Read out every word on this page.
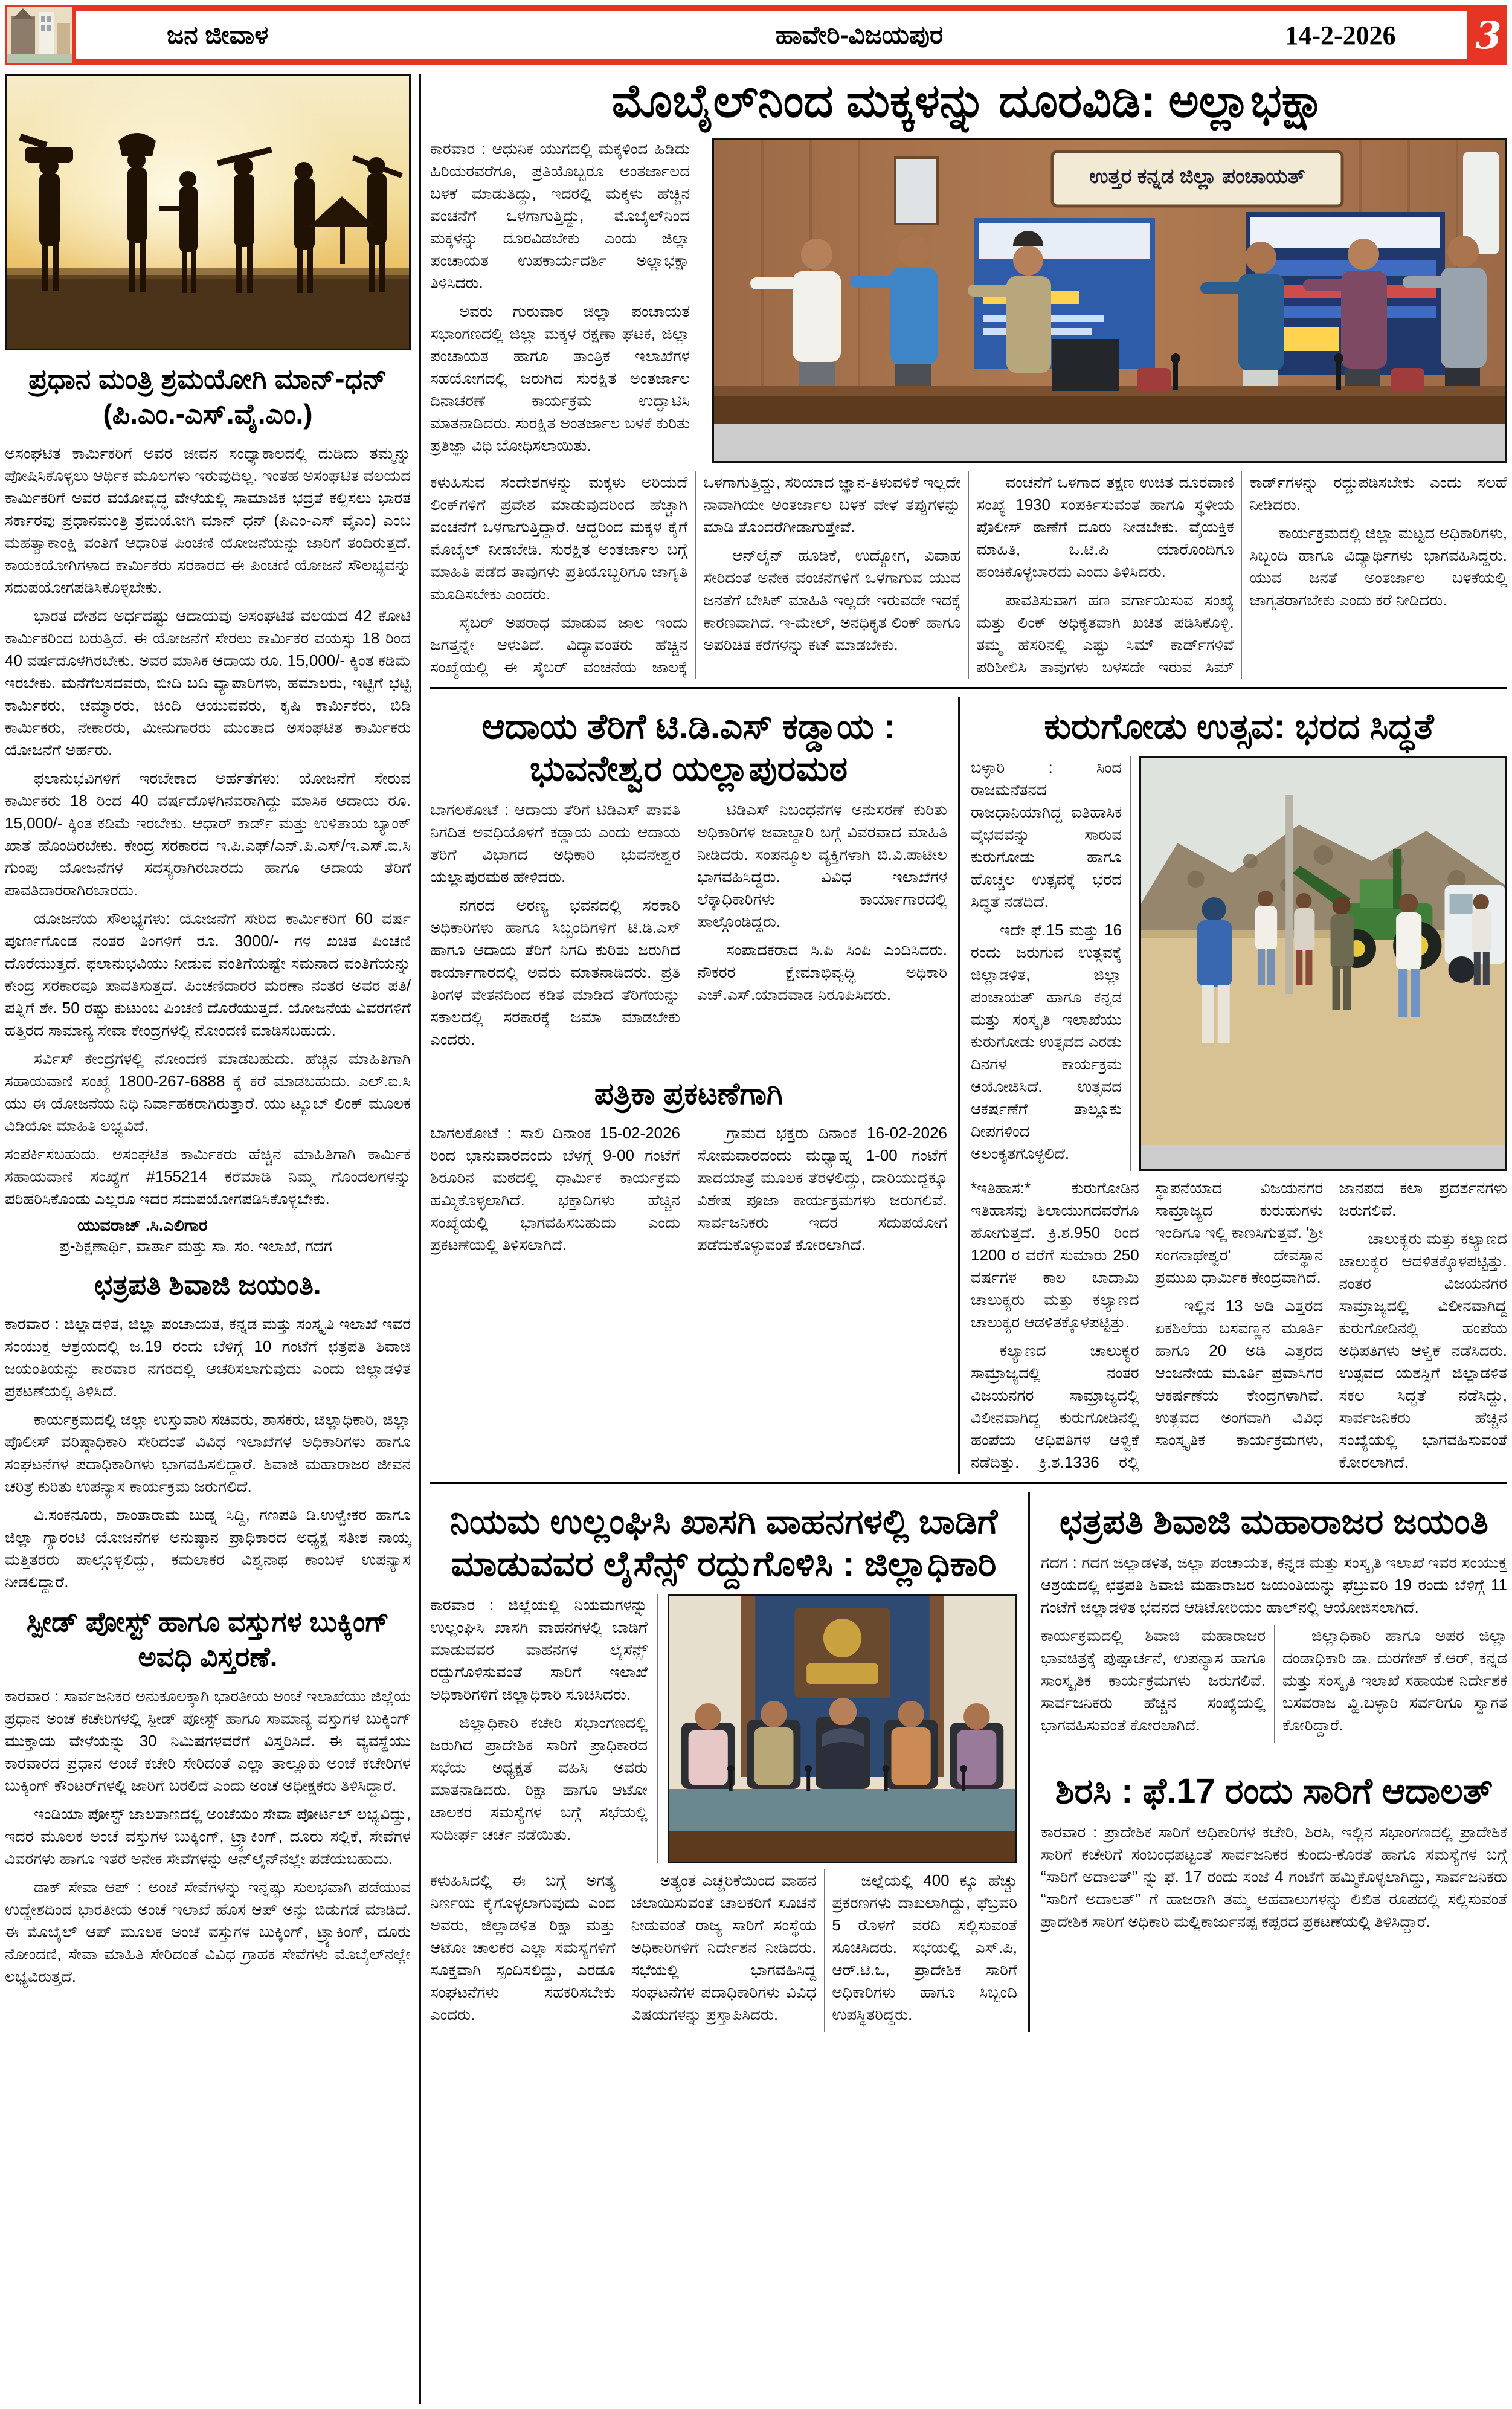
ಜನ ಜೀವಾಳ	ಹಾವೇರಿ-ವಿಜಯಪುರ	14-2-2026	3
ಪ್ರಧಾನ ಮಂತ್ರಿ ಶ್ರಮಯೋಗಿ ಮಾನ್-ಧನ್ (ಪಿ.ಎಂ.-ಎಸ್.ವೈ.ಎಂ.)

ಅಸಂಘಟಿತ ಕಾರ್ಮಿಕರಿಗೆ ಅವರ ಜೀವನ ಸಂಧ್ಯಾಕಾಲದಲ್ಲಿ ದುಡಿದು ತಮ್ಮನ್ನು ಪೋಷಿಸಿಕೊಳ್ಳಲು ಆರ್ಥಿಕ ಮೂಲಗಳು ಇರುವುದಿಲ್ಲ. ಇಂತಹ ಅಸಂಘಟಿತ ವಲಯದ ಕಾರ್ಮಿಕರಿಗೆ ಅವರ ವಯೋವೃದ್ಧ ವೇಳೆಯಲ್ಲಿ ಸಾಮಾಜಿಕ ಭದ್ರತೆ ಕಲ್ಪಿಸಲು ಭಾರತ ಸರ್ಕಾರವು ಪ್ರಧಾನಮಂತ್ರಿ ಶ್ರಮಯೋಗಿ ಮಾನ್ ಧನ್ (ಪಿಎಂ-ಎಸ್ ವೈಎಂ) ಎಂಬ ಮಹತ್ವಾಕಾಂಕ್ಷಿ ವಂತಿಗೆ ಆಧಾರಿತ ಪಿಂಚಣಿ ಯೋಜನೆಯನ್ನು ಜಾರಿಗೆ ತಂದಿರುತ್ತದೆ. ಕಾಯಕಯೋಗಿಗಳಾದ ಕಾರ್ಮಿಕರು ಸರಕಾರದ ಈ ಪಿಂಚಣಿ ಯೋಜನೆ ಸೌಲಭ್ಯವನ್ನು ಸದುಪಯೋಗಪಡಿಸಿಕೊಳ್ಳಬೇಕು.

ಭಾರತ ದೇಶದ ಅರ್ಧದಷ್ಟು ಆದಾಯವು ಅಸಂಘಟಿತ ವಲಯದ 42 ಕೋಟಿ ಕಾರ್ಮಿಕರಿಂದ ಬರುತ್ತಿದೆ. ಈ ಯೋಜನೆಗೆ ಸೇರಲು ಕಾರ್ಮಿಕರ ವಯಸ್ಸು 18 ರಿಂದ 40 ವರ್ಷದೊಳಗಿರಬೇಕು. ಅವರ ಮಾಸಿಕ ಆದಾಯ ರೂ. 15,000/- ಕ್ಕಿಂತ ಕಡಿಮೆ ಇರಬೇಕು. ಮನೆಗೆಲಸದವರು, ಬೀದಿ ಬದಿ ವ್ಯಾಪಾರಿಗಳು, ಹಮಾಲರು, ಇಟ್ಟಿಗೆ ಭಟ್ಟಿ ಕಾರ್ಮಿಕರು, ಚಮ್ಮಾರರು, ಚಿಂದಿ ಆಯುವವರು, ಕೃಷಿ ಕಾರ್ಮಿಕರು, ಬಿಡಿ ಕಾರ್ಮಿಕರು, ನೇಕಾರರು, ಮೀನುಗಾರರು ಮುಂತಾದ ಅಸಂಘಟಿತ ಕಾರ್ಮಿಕರು ಯೋಜನೆಗೆ ಅರ್ಹರು.

ಫಲಾನುಭವಿಗಳಿಗೆ ಇರಬೇಕಾದ ಅರ್ಹತೆಗಳು: ಯೋಜನೆಗೆ ಸೇರುವ ಕಾರ್ಮಿಕರು 18 ರಿಂದ 40 ವರ್ಷದೊಳಗಿನವರಾಗಿದ್ದು ಮಾಸಿಕ ಆದಾಯ ರೂ. 15,000/- ಕ್ಕಿಂತ ಕಡಿಮೆ ಇರಬೇಕು. ಆಧಾರ್ ಕಾರ್ಡ್ ಮತ್ತು ಉಳಿತಾಯ ಬ್ಯಾಂಕ್ ಖಾತೆ ಹೊಂದಿರಬೇಕು. ಕೇಂದ್ರ ಸರಕಾರದ ಇ.ಪಿ.ಎಫ್/ಎನ್.ಪಿ.ಎಸ್/ಇ.ಎಸ್.ಐ.ಸಿ ಗುಂಪು ಯೋಜನೆಗಳ ಸದಸ್ಯರಾಗಿರಬಾರದು ಹಾಗೂ ಆದಾಯ ತೆರಿಗೆ ಪಾವತಿದಾರರಾಗಿರಬಾರದು.

ಯೋಜನೆಯ ಸೌಲಭ್ಯಗಳು: ಯೋಜನೆಗೆ ಸೇರಿದ ಕಾರ್ಮಿಕರಿಗೆ 60 ವರ್ಷ ಪೂರ್ಣಗೊಂಡ ನಂತರ ತಿಂಗಳಿಗೆ ರೂ. 3000/- ಗಳ ಖಚಿತ ಪಿಂಚಣಿ ದೊರೆಯುತ್ತದೆ. ಫಲಾನುಭವಿಯು ನೀಡುವ ವಂತಿಗೆಯಷ್ಟೇ ಸಮನಾದ ವಂತಿಗೆಯನ್ನು ಕೇಂದ್ರ ಸರಕಾರವೂ ಪಾವತಿಸುತ್ತದೆ. ಪಿಂಚಣಿದಾರರ ಮರಣಾ ನಂತರ ಅವರ ಪತಿ/ಪತ್ನಿಗೆ ಶೇ. 50 ರಷ್ಟು ಕುಟುಂಬ ಪಿಂಚಣಿ ದೊರೆಯುತ್ತದೆ. ಯೋಜನೆಯ ವಿವರಗಳಿಗೆ ಹತ್ತಿರದ ಸಾಮಾನ್ಯ ಸೇವಾ ಕೇಂದ್ರಗಳಲ್ಲಿ ನೋಂದಣಿ ಮಾಡಿಸಬಹುದು.

ಸರ್ವಿಸ್ ಕೇಂದ್ರಗಳಲ್ಲಿ ನೋಂದಣಿ ಮಾಡಬಹುದು. ಹೆಚ್ಚಿನ ಮಾಹಿತಿಗಾಗಿ ಸಹಾಯವಾಣಿ ಸಂಖ್ಯೆ 1800-267-6888 ಕ್ಕೆ ಕರೆ ಮಾಡಬಹುದು. ಎಲ್.ಐ.ಸಿ ಯು ಈ ಯೋಜನೆಯ ನಿಧಿ ನಿರ್ವಾಹಕರಾಗಿರುತ್ತಾರೆ. ಯು ಟ್ಯೂಬ್ ಲಿಂಕ್ ಮೂಲಕ ವಿಡಿಯೋ ಮಾಹಿತಿ ಲಭ್ಯವಿದೆ.

ಸಂಪರ್ಕಿಸಬಹುದು. ಅಸಂಘಟಿತ ಕಾರ್ಮಿಕರು ಹೆಚ್ಚಿನ ಮಾಹಿತಿಗಾಗಿ ಕಾರ್ಮಿಕ ಸಹಾಯವಾಣಿ ಸಂಖ್ಯೆಗೆ #155214 ಕರೆಮಾಡಿ ನಿಮ್ಮ ಗೊಂದಲಗಳನ್ನು ಪರಿಹರಿಸಿಕೊಂಡು ಎಲ್ಲರೂ ಇದರ ಸದುಪಯೋಗಪಡಿಸಿಕೊಳ್ಳಬೇಕು.

ಯುವರಾಜ್ .ಸಿ.ಎಲಿಗಾರ
ಪ್ರ-ಶಿಕ್ಷಣಾರ್ಥಿ, ವಾರ್ತಾ ಮತ್ತು ಸಾ. ಸಂ. ಇಲಾಖೆ, ಗದಗ
ಛತ್ರಪತಿ ಶಿವಾಜಿ ಜಯಂತಿ.

ಕಾರವಾರ : ಜಿಲ್ಲಾಡಳಿತ, ಜಿಲ್ಲಾ ಪಂಚಾಯತ, ಕನ್ನಡ ಮತ್ತು ಸಂಸ್ಕೃತಿ ಇಲಾಖೆ ಇವರ ಸಂಯುಕ್ತ ಆಶ್ರಯದಲ್ಲಿ ಜ.19 ರಂದು ಬೆಳಿಗ್ಗೆ 10 ಗಂಟೆಗೆ ಛತ್ರಪತಿ ಶಿವಾಜಿ ಜಯಂತಿಯನ್ನು ಕಾರವಾರ ನಗರದಲ್ಲಿ ಆಚರಿಸಲಾಗುವುದು ಎಂದು ಜಿಲ್ಲಾಡಳಿತ ಪ್ರಕಟಣೆಯಲ್ಲಿ ತಿಳಿಸಿದೆ.

ಕಾರ್ಯಕ್ರಮದಲ್ಲಿ ಜಿಲ್ಲಾ ಉಸ್ತುವಾರಿ ಸಚಿವರು, ಶಾಸಕರು, ಜಿಲ್ಲಾಧಿಕಾರಿ, ಜಿಲ್ಲಾ ಪೊಲೀಸ್ ವರಿಷ್ಠಾಧಿಕಾರಿ ಸೇರಿದಂತೆ ವಿವಿಧ ಇಲಾಖೆಗಳ ಅಧಿಕಾರಿಗಳು ಹಾಗೂ ಸಂಘಟನೆಗಳ ಪದಾಧಿಕಾರಿಗಳು ಭಾಗವಹಿಸಲಿದ್ದಾರೆ. ಶಿವಾಜಿ ಮಹಾರಾಜರ ಜೀವನ ಚರಿತ್ರೆ ಕುರಿತು ಉಪನ್ಯಾಸ ಕಾರ್ಯಕ್ರಮ ಜರುಗಲಿದೆ.

ವಿ.ಸಂಕನೂರು, ಶಾಂತಾರಾಮ ಬುಡ್ನ ಸಿದ್ದಿ, ಗಣಪತಿ ಡಿ.ಉಳ್ವೇಕರ ಹಾಗೂ ಜಿಲ್ಲಾ ಗ್ಯಾರಂಟಿ ಯೋಜನೆಗಳ ಅನುಷ್ಠಾನ ಪ್ರಾಧಿಕಾರದ ಅಧ್ಯಕ್ಷ ಸತೀಶ ನಾಯ್ಕ ಮತ್ತಿತರರು ಪಾಲ್ಗೊಳ್ಳಲಿದ್ದು, ಕಮಲಾಕರ ವಿಶ್ವನಾಥ ಕಾಂಬಳೆ ಉಪನ್ಯಾಸ ನೀಡಲಿದ್ದಾರೆ.

ಸ್ಪೀಡ್ ಪೋಸ್ಟ್ ಹಾಗೂ ವಸ್ತುಗಳ ಬುಕ್ಕಿಂಗ್ ಅವಧಿ ವಿಸ್ತರಣೆ.

ಕಾರವಾರ : ಸಾರ್ವಜನಿಕರ ಅನುಕೂಲಕ್ಕಾಗಿ ಭಾರತೀಯ ಅಂಚೆ ಇಲಾಖೆಯು ಜಿಲ್ಲೆಯ ಪ್ರಧಾನ ಅಂಚೆ ಕಚೇರಿಗಳಲ್ಲಿ ಸ್ಪೀಡ್ ಪೋಸ್ಟ್ ಹಾಗೂ ಸಾಮಾನ್ಯ ವಸ್ತುಗಳ ಬುಕ್ಕಿಂಗ್ ಮುಕ್ತಾಯ ವೇಳೆಯನ್ನು 30 ನಿಮಿಷಗಳವರೆಗೆ ವಿಸ್ತರಿಸಿದೆ. ಈ ವ್ಯವಸ್ಥೆಯು ಕಾರವಾರದ ಪ್ರಧಾನ ಅಂಚೆ ಕಚೇರಿ ಸೇರಿದಂತೆ ಎಲ್ಲಾ ತಾಲ್ಲೂಕು ಅಂಚೆ ಕಚೇರಿಗಳ ಬುಕ್ಕಿಂಗ್ ಕೌಂಟರ್‌ಗಳಲ್ಲಿ ಜಾರಿಗೆ ಬರಲಿದೆ ಎಂದು ಅಂಚೆ ಅಧೀಕ್ಷಕರು ತಿಳಿಸಿದ್ದಾರೆ.

ಇಂಡಿಯಾ ಪೋಸ್ಟ್ ಜಾಲತಾಣದಲ್ಲಿ ಅಂಚೆಯಂ ಸೇವಾ ಪೋರ್ಟಲ್ ಲಭ್ಯವಿದ್ದು, ಇದರ ಮೂಲಕ ಅಂಚೆ ವಸ್ತುಗಳ ಬುಕ್ಕಿಂಗ್, ಟ್ರ್ಯಾಕಿಂಗ್, ದೂರು ಸಲ್ಲಿಕೆ, ಸೇವೆಗಳ ವಿವರಗಳು ಹಾಗೂ ಇತರೆ ಅನೇಕ ಸೇವೆಗಳನ್ನು ಆನ್‌ಲೈನ್‌ನಲ್ಲೇ ಪಡೆಯಬಹುದು.

ಡಾಕ್ ಸೇವಾ ಆಪ್ : ಅಂಚೆ ಸೇವೆಗಳನ್ನು ಇನ್ನಷ್ಟು ಸುಲಭವಾಗಿ ಪಡೆಯುವ ಉದ್ದೇಶದಿಂದ ಭಾರತೀಯ ಅಂಚೆ ಇಲಾಖೆ ಹೊಸ ಆಪ್ ಅನ್ನು ಬಿಡುಗಡೆ ಮಾಡಿದೆ. ಈ ಮೊಬೈಲ್ ಆಪ್ ಮೂಲಕ ಅಂಚೆ ವಸ್ತುಗಳ ಬುಕ್ಕಿಂಗ್, ಟ್ರ್ಯಾಕಿಂಗ್, ದೂರು ನೋಂದಣಿ, ಸೇವಾ ಮಾಹಿತಿ ಸೇರಿದಂತೆ ವಿವಿಧ ಗ್ರಾಹಕ ಸೇವೆಗಳು ಮೊಬೈಲ್‌ನಲ್ಲೇ ಲಭ್ಯವಿರುತ್ತದೆ.

ಮೊಬೈಲ್‌ನಿಂದ ಮಕ್ಕಳನ್ನು ದೂರವಿಡಿ: ಅಲ್ಲಾಭಕ್ಷಾ

ಕಾರವಾರ : ಆಧುನಿಕ ಯುಗದಲ್ಲಿ ಮಕ್ಕಳಿಂದ ಹಿಡಿದು ಹಿರಿಯರವರೆಗೂ, ಪ್ರತಿಯೊಬ್ಬರೂ ಅಂತರ್ಜಾಲದ ಬಳಕೆ ಮಾಡುತಿದ್ದು, ಇದರಲ್ಲಿ ಮಕ್ಕಳು ಹೆಚ್ಚಿನ ವಂಚನೆಗೆ ಒಳಗಾಗುತ್ತಿದ್ದು, ಮೊಬೈಲ್‌ನಿಂದ ಮಕ್ಕಳನ್ನು ದೂರವಿಡಬೇಕು ಎಂದು ಜಿಲ್ಲಾ ಪಂಚಾಯತ ಉಪಕಾರ್ಯದರ್ಶಿ ಅಲ್ಲಾಭಕ್ಷಾ ತಿಳಿಸಿದರು.

ಅವರು ಗುರುವಾರ ಜಿಲ್ಲಾ ಪಂಚಾಯತ ಸಭಾಂಗಣದಲ್ಲಿ ಜಿಲ್ಲಾ ಮಕ್ಕಳ ರಕ್ಷಣಾ ಘಟಕ, ಜಿಲ್ಲಾ ಪಂಚಾಯತ ಹಾಗೂ ತಾಂತ್ರಿಕ ಇಲಾಖೆಗಳ ಸಹಯೋಗದಲ್ಲಿ ಜರುಗಿದ ಸುರಕ್ಷಿತ ಅಂತರ್ಜಾಲ ದಿನಾಚರಣೆ ಕಾರ್ಯಕ್ರಮ ಉದ್ಘಾಟಿಸಿ ಮಾತನಾಡಿದರು. ಸುರಕ್ಷಿತ ಅಂತರ್ಜಾಲ ಬಳಕೆ ಕುರಿತು ಪ್ರತಿಜ್ಞಾ ವಿಧಿ ಬೋಧಿಸಲಾಯಿತು.

ಉತ್ತರ ಕನ್ನಡ ಜಿಲ್ಲಾ ಪಂಚಾಯತ್

ಕಳುಹಿಸುವ ಸಂದೇಶಗಳನ್ನು ಮಕ್ಕಳು ಅರಿಯದೆ ಲಿಂಕ್‌ಗಳಿಗೆ ಪ್ರವೇಶ ಮಾಡುವುದರಿಂದ ಹೆಚ್ಚಾಗಿ ವಂಚನೆಗೆ ಒಳಗಾಗುತ್ತಿದ್ದಾರೆ. ಆದ್ದರಿಂದ ಮಕ್ಕಳ ಕೈಗೆ ಮೊಬೈಲ್ ನೀಡಬೇಡಿ. ಸುರಕ್ಷಿತ ಅಂತರ್ಜಾಲ ಬಗ್ಗೆ ಮಾಹಿತಿ ಪಡೆದ ತಾವುಗಳು ಪ್ರತಿಯೊಬ್ಬರಿಗೂ ಜಾಗೃತಿ ಮೂಡಿಸಬೇಕು ಎಂದರು.

ಸೈಬರ್ ಅಪರಾಧ ಮಾಡುವ ಜಾಲ ಇಂದು ಜಗತ್ತನ್ನೇ ಆಳುತಿದೆ. ವಿದ್ಯಾವಂತರು ಹೆಚ್ಚಿನ ಸಂಖ್ಯೆಯಲ್ಲಿ ಈ ಸೈಬರ್ ವಂಚನೆಯ ಜಾಲಕ್ಕೆ ಒಳಗಾಗುತ್ತಿದ್ದು, ಸರಿಯಾದ ಜ್ಞಾನ-ತಿಳುವಳಿಕೆ ಇಲ್ಲದೇ ನಾವಾಗಿಯೇ ಅಂತರ್ಜಾಲ ಬಳಕೆ ವೇಳೆ ತಪ್ಪುಗಳನ್ನು ಮಾಡಿ ತೊಂದರೆಗೀಡಾಗುತ್ತೇವೆ.

ಆನ್‌ಲೈನ್ ಹೂಡಿಕೆ, ಉದ್ಯೋಗ, ವಿವಾಹ ಸೇರಿದಂತೆ ಅನೇಕ ವಂಚನೆಗಳಿಗೆ ಒಳಗಾಗುವ ಯುವ ಜನತೆಗೆ ಬೇಸಿಕ್ ಮಾಹಿತಿ ಇಲ್ಲದೇ ಇರುವದೇ ಇದಕ್ಕೆ ಕಾರಣವಾಗಿದೆ. ಇ-ಮೇಲ್, ಅನಧಿಕೃತ ಲಿಂಕ್ ಹಾಗೂ ಅಪರಿಚಿತ ಕರೆಗಳನ್ನು ಕಟ್ ಮಾಡಬೇಕು.

ವಂಚನೆಗೆ ಒಳಗಾದ ತಕ್ಷಣ ಉಚಿತ ದೂರವಾಣಿ ಸಂಖ್ಯೆ 1930 ಸಂಪರ್ಕಿಸುವಂತೆ ಹಾಗೂ ಸ್ಥಳೀಯ ಪೊಲೀಸ್ ಠಾಣೆಗೆ ದೂರು ನೀಡಬೇಕು. ವೈಯಕ್ತಿಕ ಮಾಹಿತಿ, ಒ.ಟಿ.ಪಿ ಯಾರೊಂದಿಗೂ ಹಂಚಿಕೊಳ್ಳಬಾರದು ಎಂದು ತಿಳಿಸಿದರು.

ಪಾವತಿಸುವಾಗ ಹಣ ವರ್ಗಾಯಿಸುವ ಸಂಖ್ಯೆ ಮತ್ತು ಲಿಂಕ್ ಅಧಿಕೃತವಾಗಿ ಖಚಿತ ಪಡಿಸಿಕೊಳ್ಳಿ. ತಮ್ಮ ಹೆಸರಿನಲ್ಲಿ ಎಷ್ಟು ಸಿಮ್ ಕಾರ್ಡ್‌ಗಳಿವೆ ಪರಿಶೀಲಿಸಿ ತಾವುಗಳು ಬಳಸದೇ ಇರುವ ಸಿಮ್ ಕಾರ್ಡ್‌ಗಳನ್ನು ರದ್ದುಪಡಿಸಬೇಕು ಎಂದು ಸಲಹೆ ನೀಡಿದರು.

ಕಾರ್ಯಕ್ರಮದಲ್ಲಿ ಜಿಲ್ಲಾ ಮಟ್ಟದ ಅಧಿಕಾರಿಗಳು, ಸಿಬ್ಬಂದಿ ಹಾಗೂ ವಿದ್ಯಾರ್ಥಿಗಳು ಭಾಗವಹಿಸಿದ್ದರು. ಯುವ ಜನತೆ ಅಂತರ್ಜಾಲ ಬಳಕೆಯಲ್ಲಿ ಜಾಗೃತರಾಗಬೇಕು ಎಂದು ಕರೆ ನೀಡಿದರು.

ಆದಾಯ ತೆರಿಗೆ ಟಿ.ಡಿ.ಎಸ್ ಕಡ್ಡಾಯ : ಭುವನೇಶ್ವರ ಯಲ್ಲಾಪುರಮಠ

ಬಾಗಲಕೋಟೆ : ಆದಾಯ ತೆರಿಗೆ ಟಿಡಿಎಸ್ ಪಾವತಿ ನಿಗದಿತ ಅವಧಿಯೊಳಗೆ ಕಡ್ಡಾಯ ಎಂದು ಆದಾಯ ತೆರಿಗೆ ವಿಭಾಗದ ಅಧಿಕಾರಿ ಭುವನೇಶ್ವರ ಯಲ್ಲಾಪುರಮಠ ಹೇಳಿದರು.

ನಗರದ ಅರಣ್ಯ ಭವನದಲ್ಲಿ ಸರಕಾರಿ ಅಧಿಕಾರಿಗಳು ಹಾಗೂ ಸಿಬ್ಬಂದಿಗಳಿಗೆ ಟಿ.ಡಿ.ಎಸ್ ಹಾಗೂ ಆದಾಯ ತೆರಿಗೆ ನಿಗದಿ ಕುರಿತು ಜರುಗಿದ ಕಾರ್ಯಾಗಾರದಲ್ಲಿ ಅವರು ಮಾತನಾಡಿದರು. ಪ್ರತಿ ತಿಂಗಳ ವೇತನದಿಂದ ಕಡಿತ ಮಾಡಿದ ತೆರಿಗೆಯನ್ನು ಸಕಾಲದಲ್ಲಿ ಸರಕಾರಕ್ಕೆ ಜಮಾ ಮಾಡಬೇಕು ಎಂದರು.

ಟಿಡಿಎಸ್ ನಿಬಂಧನೆಗಳ ಅನುಸರಣೆ ಕುರಿತು ಅಧಿಕಾರಿಗಳ ಜವಾಬ್ದಾರಿ ಬಗ್ಗೆ ವಿವರವಾದ ಮಾಹಿತಿ ನೀಡಿದರು. ಸಂಪನ್ಮೂಲ ವ್ಯಕ್ತಿಗಳಾಗಿ ಬಿ.ವಿ.ಪಾಟೀಲ ಭಾಗವಹಿಸಿದ್ದರು. ವಿವಿಧ ಇಲಾಖೆಗಳ ಲೆಕ್ಕಾಧಿಕಾರಿಗಳು ಕಾರ್ಯಾಗಾರದಲ್ಲಿ ಪಾಲ್ಗೊಂಡಿದ್ದರು.

ಸಂಪಾದಕರಾದ ಸಿ.ಪಿ ಸಿಂಪಿ ಎಂದಿಸಿದರು. ನೌಕರರ ಕ್ಷೇಮಾಭಿವೃದ್ಧಿ ಅಧಿಕಾರಿ ಎಚ್.ಎಸ್.ಯಾದವಾಡ ನಿರೂಪಿಸಿದರು.

ಪತ್ರಿಕಾ ಪ್ರಕಟಣೆಗಾಗಿ

ಬಾಗಲಕೋಟೆ : ಸಾಲಿ ದಿನಾಂಕ 15-02-2026 ರಿಂದ ಭಾನುವಾರದಂದು ಬೆಳಗ್ಗೆ 9-00 ಗಂಟೆಗೆ ಶಿರೂರಿನ ಮಠದಲ್ಲಿ ಧಾರ್ಮಿಕ ಕಾರ್ಯಕ್ರಮ ಹಮ್ಮಿಕೊಳ್ಳಲಾಗಿದೆ. ಭಕ್ತಾದಿಗಳು ಹೆಚ್ಚಿನ ಸಂಖ್ಯೆಯಲ್ಲಿ ಭಾಗವಹಿಸಬಹುದು ಎಂದು ಪ್ರಕಟಣೆಯಲ್ಲಿ ತಿಳಿಸಲಾಗಿದೆ.

ಗ್ರಾಮದ ಭಕ್ತರು ದಿನಾಂಕ 16-02-2026 ಸೋಮವಾರದಂದು ಮಧ್ಯಾಹ್ನ 1-00 ಗಂಟೆಗೆ ಪಾದಯಾತ್ರೆ ಮೂಲಕ ತೆರಳಲಿದ್ದು, ದಾರಿಯುದ್ದಕ್ಕೂ ವಿಶೇಷ ಪೂಜಾ ಕಾರ್ಯಕ್ರಮಗಳು ಜರುಗಲಿವೆ. ಸಾರ್ವಜನಿಕರು ಇದರ ಸದುಪಯೋಗ ಪಡೆದುಕೊಳ್ಳುವಂತೆ ಕೋರಲಾಗಿದೆ.

ಕುರುಗೋಡು ಉತ್ಸವ: ಭರದ ಸಿದ್ಧತೆ

ಬಳ್ಳಾರಿ : ಸಿಂದ ರಾಜಮನೆತನದ ರಾಜಧಾನಿಯಾಗಿದ್ದ ಐತಿಹಾಸಿಕ ವೈಭವವನ್ನು ಸಾರುವ ಕುರುಗೋಡು ಹಾಗೂ ಹೊಚ್ಚಲ ಉತ್ಸವಕ್ಕೆ ಭರದ ಸಿದ್ಧತೆ ನಡೆದಿದೆ.

ಇದೇ ಫೆ.15 ಮತ್ತು 16 ರಂದು ಜರುಗುವ ಉತ್ಸವಕ್ಕೆ ಜಿಲ್ಲಾಡಳಿತ, ಜಿಲ್ಲಾ ಪಂಚಾಯತ್ ಹಾಗೂ ಕನ್ನಡ ಮತ್ತು ಸಂಸ್ಕೃತಿ ಇಲಾಖೆಯು ಕುರುಗೋಡು ಉತ್ಸವದ ಎರಡು ದಿನಗಳ ಕಾರ್ಯಕ್ರಮ ಆಯೋಜಿಸಿದೆ. ಉತ್ಸವದ ಆಕರ್ಷಣೆಗೆ ತಾಲ್ಲೂಕು ದೀಪಗಳಿಂದ ಅಲಂಕೃತಗೊಳ್ಳಲಿದೆ.

*ಇತಿಹಾಸ:* ಕುರುಗೋಡಿನ ಇತಿಹಾಸವು ಶಿಲಾಯುಗದವರೆಗೂ ಹೋಗುತ್ತದೆ. ಕ್ರಿ.ಶ.950 ರಿಂದ 1200 ರ ವರೆಗೆ ಸುಮಾರು 250 ವರ್ಷಗಳ ಕಾಲ ಬಾದಾಮಿ ಚಾಲುಕ್ಯರು ಮತ್ತು ಕಲ್ಯಾಣದ ಚಾಲುಕ್ಯರ ಆಡಳಿತಕ್ಕೊಳಪಟ್ಟಿತ್ತು.

ಕಲ್ಯಾಣದ ಚಾಲುಕ್ಯರ ಸಾಮ್ರಾಜ್ಯದಲ್ಲಿ ನಂತರ ವಿಜಯನಗರ ಸಾಮ್ರಾಜ್ಯದಲ್ಲಿ ವಿಲೀನವಾಗಿದ್ದ ಕುರುಗೋಡಿನಲ್ಲಿ ಹಂಪೆಯ ಅಧಿಪತಿಗಳ ಆಳ್ವಿಕೆ ನಡೆದಿತ್ತು. ಕ್ರಿ.ಶ.1336 ರಲ್ಲಿ ಸ್ಥಾಪನೆಯಾದ ವಿಜಯನಗರ ಸಾಮ್ರಾಜ್ಯದ ಕುರುಹುಗಳು ಇಂದಿಗೂ ಇಲ್ಲಿ ಕಾಣಸಿಗುತ್ತವೆ. 'ಶ್ರೀ ಸಂಗನಾಥೇಶ್ವರ' ದೇವಸ್ಥಾನ ಪ್ರಮುಖ ಧಾರ್ಮಿಕ ಕೇಂದ್ರವಾಗಿದೆ.

ಇಲ್ಲಿನ 13 ಅಡಿ ಎತ್ತರದ ಏಕಶಿಲೆಯ ಬಸವಣ್ಣನ ಮೂರ್ತಿ ಹಾಗೂ 20 ಅಡಿ ಎತ್ತರದ ಆಂಜನೇಯ ಮೂರ್ತಿ ಪ್ರವಾಸಿಗರ ಆಕರ್ಷಣೆಯ ಕೇಂದ್ರಗಳಾಗಿವೆ. ಉತ್ಸವದ ಅಂಗವಾಗಿ ವಿವಿಧ ಸಾಂಸ್ಕೃತಿಕ ಕಾರ್ಯಕ್ರಮಗಳು, ಜಾನಪದ ಕಲಾ ಪ್ರದರ್ಶನಗಳು ಜರುಗಲಿವೆ.

ಚಾಲುಕ್ಯರು ಮತ್ತು ಕಲ್ಯಾಣದ ಚಾಲುಕ್ಯರ ಆಡಳಿತಕ್ಕೊಳಪಟ್ಟಿತ್ತು. ನಂತರ ವಿಜಯನಗರ ಸಾಮ್ರಾಜ್ಯದಲ್ಲಿ ವಿಲೀನವಾಗಿದ್ದ ಕುರುಗೋಡಿನಲ್ಲಿ ಹಂಪೆಯ ಅಧಿಪತಿಗಳು ಆಳ್ವಿಕೆ ನಡೆಸಿದರು. ಉತ್ಸವದ ಯಶಸ್ಸಿಗೆ ಜಿಲ್ಲಾಡಳಿತ ಸಕಲ ಸಿದ್ಧತೆ ನಡೆಸಿದ್ದು, ಸಾರ್ವಜನಿಕರು ಹೆಚ್ಚಿನ ಸಂಖ್ಯೆಯಲ್ಲಿ ಭಾಗವಹಿಸುವಂತೆ ಕೋರಲಾಗಿದೆ.

ನಿಯಮ ಉಲ್ಲಂಘಿಸಿ ಖಾಸಗಿ ವಾಹನಗಳಲ್ಲಿ ಬಾಡಿಗೆ ಮಾಡುವವರ ಲೈಸೆನ್ಸ್ ರದ್ದುಗೊಳಿಸಿ : ಜಿಲ್ಲಾಧಿಕಾರಿ

ಕಾರವಾರ : ಜಿಲ್ಲೆಯಲ್ಲಿ ನಿಯಮಗಳನ್ನು ಉಲ್ಲಂಘಿಸಿ ಖಾಸಗಿ ವಾಹನಗಳಲ್ಲಿ ಬಾಡಿಗೆ ಮಾಡುವವರ ವಾಹನಗಳ ಲೈಸೆನ್ಸ್ ರದ್ದುಗೊಳಿಸುವಂತೆ ಸಾರಿಗೆ ಇಲಾಖೆ ಅಧಿಕಾರಿಗಳಿಗೆ ಜಿಲ್ಲಾಧಿಕಾರಿ ಸೂಚಿಸಿದರು.

ಜಿಲ್ಲಾಧಿಕಾರಿ ಕಚೇರಿ ಸಭಾಂಗಣದಲ್ಲಿ ಜರುಗಿದ ಪ್ರಾದೇಶಿಕ ಸಾರಿಗೆ ಪ್ರಾಧಿಕಾರದ ಸಭೆಯ ಅಧ್ಯಕ್ಷತೆ ವಹಿಸಿ ಅವರು ಮಾತನಾಡಿದರು. ರಿಕ್ಷಾ ಹಾಗೂ ಆಟೋ ಚಾಲಕರ ಸಮಸ್ಯೆಗಳ ಬಗ್ಗೆ ಸಭೆಯಲ್ಲಿ ಸುದೀರ್ಘ ಚರ್ಚೆ ನಡೆಯಿತು.

ಕಳುಹಿಸಿದಲ್ಲಿ ಈ ಬಗ್ಗೆ ಅಗತ್ಯ ನಿರ್ಣಯ ಕೈಗೊಳ್ಳಲಾಗುವುದು ಎಂದ ಅವರು, ಜಿಲ್ಲಾಡಳಿತ ರಿಕ್ಷಾ ಮತ್ತು ಆಟೋ ಚಾಲಕರ ಎಲ್ಲಾ ಸಮಸ್ಯೆಗಳಿಗೆ ಸೂಕ್ತವಾಗಿ ಸ್ಪಂದಿಸಲಿದ್ದು, ಎರಡೂ ಸಂಘಟನೆಗಳು ಸಹಕರಿಸಬೇಕು ಎಂದರು.

ಅತ್ಯಂತ ಎಚ್ಚರಿಕೆಯಿಂದ ವಾಹನ ಚಲಾಯಿಸುವಂತೆ ಚಾಲಕರಿಗೆ ಸೂಚನೆ ನೀಡುವಂತೆ ರಾಜ್ಯ ಸಾರಿಗೆ ಸಂಸ್ಥೆಯ ಅಧಿಕಾರಿಗಳಿಗೆ ನಿರ್ದೇಶನ ನೀಡಿದರು. ಸಭೆಯಲ್ಲಿ ಭಾಗವಹಿಸಿದ್ದ ಸಂಘಟನೆಗಳ ಪದಾಧಿಕಾರಿಗಳು ವಿವಿಧ ವಿಷಯಗಳನ್ನು ಪ್ರಸ್ತಾಪಿಸಿದರು.

ಜಿಲ್ಲೆಯಲ್ಲಿ 400 ಕ್ಕೂ ಹೆಚ್ಚು ಪ್ರಕರಣಗಳು ದಾಖಲಾಗಿದ್ದು, ಫೆಬ್ರವರಿ 5 ರೊಳಗೆ ವರದಿ ಸಲ್ಲಿಸುವಂತೆ ಸೂಚಿಸಿದರು. ಸಭೆಯಲ್ಲಿ ಎಸ್.ಪಿ, ಆರ್.ಟಿ.ಒ, ಪ್ರಾದೇಶಿಕ ಸಾರಿಗೆ ಅಧಿಕಾರಿಗಳು ಹಾಗೂ ಸಿಬ್ಬಂದಿ ಉಪಸ್ಥಿತರಿದ್ದರು.

ಛತ್ರಪತಿ ಶಿವಾಜಿ ಮಹಾರಾಜರ ಜಯಂತಿ

ಗದಗ : ಗದಗ ಜಿಲ್ಲಾಡಳಿತ, ಜಿಲ್ಲಾ ಪಂಚಾಯತ, ಕನ್ನಡ ಮತ್ತು ಸಂಸ್ಕೃತಿ ಇಲಾಖೆ ಇವರ ಸಂಯುಕ್ತ ಆಶ್ರಯದಲ್ಲಿ ಛತ್ರಪತಿ ಶಿವಾಜಿ ಮಹಾರಾಜರ ಜಯಂತಿಯನ್ನು ಫೆಬ್ರುವರಿ 19 ರಂದು ಬೆಳಿಗ್ಗೆ 11 ಗಂಟೆಗೆ ಜಿಲ್ಲಾಡಳಿತ ಭವನದ ಆಡಿಟೋರಿಯಂ ಹಾಲ್‌ನಲ್ಲಿ ಆಯೋಜಿಸಲಾಗಿದೆ.

ಕಾರ್ಯಕ್ರಮದಲ್ಲಿ ಶಿವಾಜಿ ಮಹಾರಾಜರ ಭಾವಚಿತ್ರಕ್ಕೆ ಪುಷ್ಪಾರ್ಚನೆ, ಉಪನ್ಯಾಸ ಹಾಗೂ ಸಾಂಸ್ಕೃತಿಕ ಕಾರ್ಯಕ್ರಮಗಳು ಜರುಗಲಿವೆ. ಸಾರ್ವಜನಿಕರು ಹೆಚ್ಚಿನ ಸಂಖ್ಯೆಯಲ್ಲಿ ಭಾಗವಹಿಸುವಂತೆ ಕೋರಲಾಗಿದೆ.

ಜಿಲ್ಲಾಧಿಕಾರಿ ಹಾಗೂ ಅಪರ ಜಿಲ್ಲಾ ದಂಡಾಧಿಕಾರಿ ಡಾ. ದುರಗೇಶ್ ಕೆ.ಆರ್, ಕನ್ನಡ ಮತ್ತು ಸಂಸ್ಕೃತಿ ಇಲಾಖೆ ಸಹಾಯಕ ನಿರ್ದೇಶಕ ಬಸವರಾಜ ವ್ಹಿ.ಬಳ್ಳಾರಿ ಸರ್ವರಿಗೂ ಸ್ವಾಗತ ಕೋರಿದ್ದಾರೆ.

ಶಿರಸಿ : ಫೆ.17 ರಂದು ಸಾರಿಗೆ ಆದಾಲತ್

ಕಾರವಾರ : ಪ್ರಾದೇಶಿಕ ಸಾರಿಗೆ ಅಧಿಕಾರಿಗಳ ಕಚೇರಿ, ಶಿರಸಿ, ಇಲ್ಲಿನ ಸಭಾಂಗಣದಲ್ಲಿ ಪ್ರಾದೇಶಿಕ ಸಾರಿಗೆ ಕಚೇರಿಗೆ ಸಂಬಂಧಪಟ್ಟಂತೆ ಸಾರ್ವಜನಿಕರ ಕುಂದು-ಕೊರತೆ ಹಾಗೂ ಸಮಸ್ಯೆಗಳ ಬಗ್ಗೆ “ಸಾರಿಗೆ ಅದಾಲತ್” ನ್ನು ಫೆ. 17 ರಂದು ಸಂಜೆ 4 ಗಂಟೆಗೆ ಹಮ್ಮಿಕೊಳ್ಳಲಾಗಿದ್ದು, ಸಾರ್ವಜನಿಕರು “ಸಾರಿಗೆ ಅದಾಲತ್” ಗೆ ಹಾಜರಾಗಿ ತಮ್ಮ ಅಹವಾಲುಗಳನ್ನು ಲಿಖಿತ ರೂಪದಲ್ಲಿ ಸಲ್ಲಿಸುವಂತೆ ಪ್ರಾದೇಶಿಕ ಸಾರಿಗೆ ಅಧಿಕಾರಿ ಮಲ್ಲಿಕಾರ್ಜುನಪ್ಪ ಕಪ್ಪರದ ಪ್ರಕಟಣೆಯಲ್ಲಿ ತಿಳಿಸಿದ್ದಾರೆ.
